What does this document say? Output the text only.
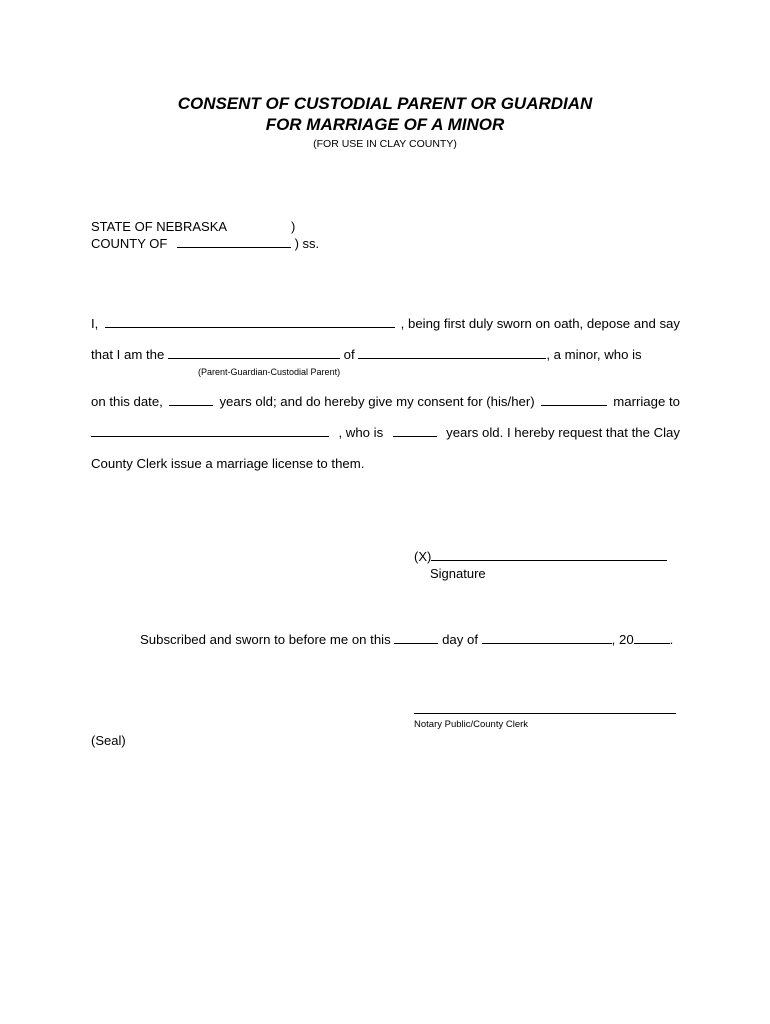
CONSENT OF CUSTODIAL PARENT OR GUARDIAN
FOR MARRIAGE OF A MINOR
(FOR USE IN CLAY COUNTY)
STATE OF NEBRASKA	)
COUNTY OF	) ss.
I,	, being first duly sworn on oath, depose and say
that I am the	of	, a minor, who is
(Parent-Guardian-Custodial Parent)
on this date,	years old; and do hereby give my consent for (his/her)	marriage to
, who is	years old. I hereby request that the Clay
County Clerk issue a marriage license to them.
(X)
Signature
Subscribed and sworn to before me on this	day of	, 20	.
Notary Public/County Clerk
(Seal)
